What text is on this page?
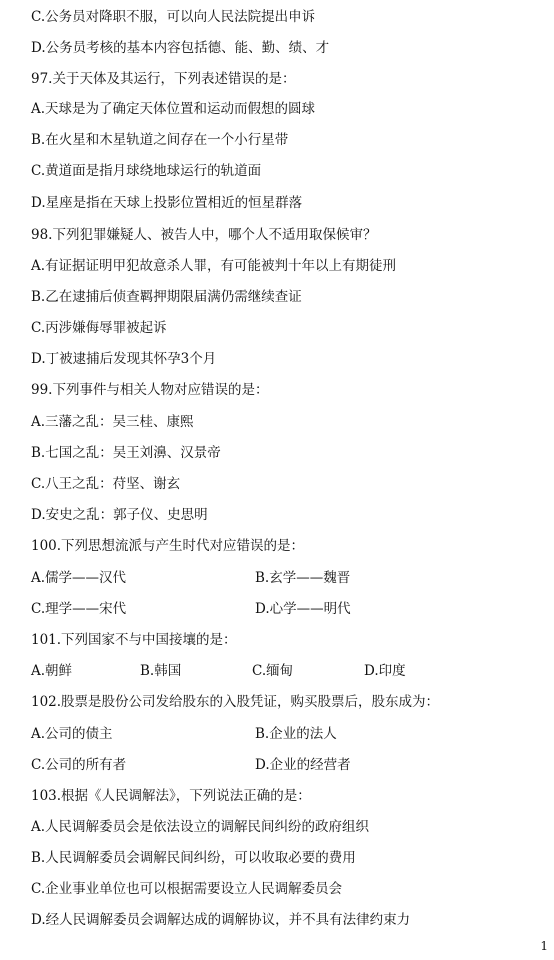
C.公务员对降职不服，可以向人民法院提出申诉
D.公务员考核的基本内容包括德、能、勤、绩、才
97.关于天体及其运行，下列表述错误的是：
A.天球是为了确定天体位置和运动而假想的圆球
B.在火星和木星轨道之间存在一个小行星带
C.黄道面是指月球绕地球运行的轨道面
D.星座是指在天球上投影位置相近的恒星群落
98.下列犯罪嫌疑人、被告人中，哪个人不适用取保候审？
A.有证据证明甲犯故意杀人罪，有可能被判十年以上有期徒刑
B.乙在逮捕后侦查羁押期限届满仍需继续查证
C.丙涉嫌侮辱罪被起诉
D.丁被逮捕后发现其怀孕3个月
99.下列事件与相关人物对应错误的是：
A.三藩之乱：吴三桂、康熙
B.七国之乱：吴王刘濞、汉景帝
C.八王之乱：苻坚、谢玄
D.安史之乱：郭子仪、史思明
100.下列思想流派与产生时代对应错误的是：
A.儒学——汉代	B.玄学——魏晋
C.理学——宋代	D.心学——明代
101.下列国家不与中国接壤的是：
A.朝鲜	B.韩国	C.缅甸	D.印度
102.股票是股份公司发给股东的入股凭证，购买股票后，股东成为：
A.公司的债主	B.企业的法人
C.公司的所有者	D.企业的经营者
103.根据《人民调解法》，下列说法正确的是：
A.人民调解委员会是依法设立的调解民间纠纷的政府组织
B.人民调解委员会调解民间纠纷，可以收取必要的费用
C.企业事业单位也可以根据需要设立人民调解委员会
D.经人民调解委员会调解达成的调解协议，并不具有法律约束力
1
